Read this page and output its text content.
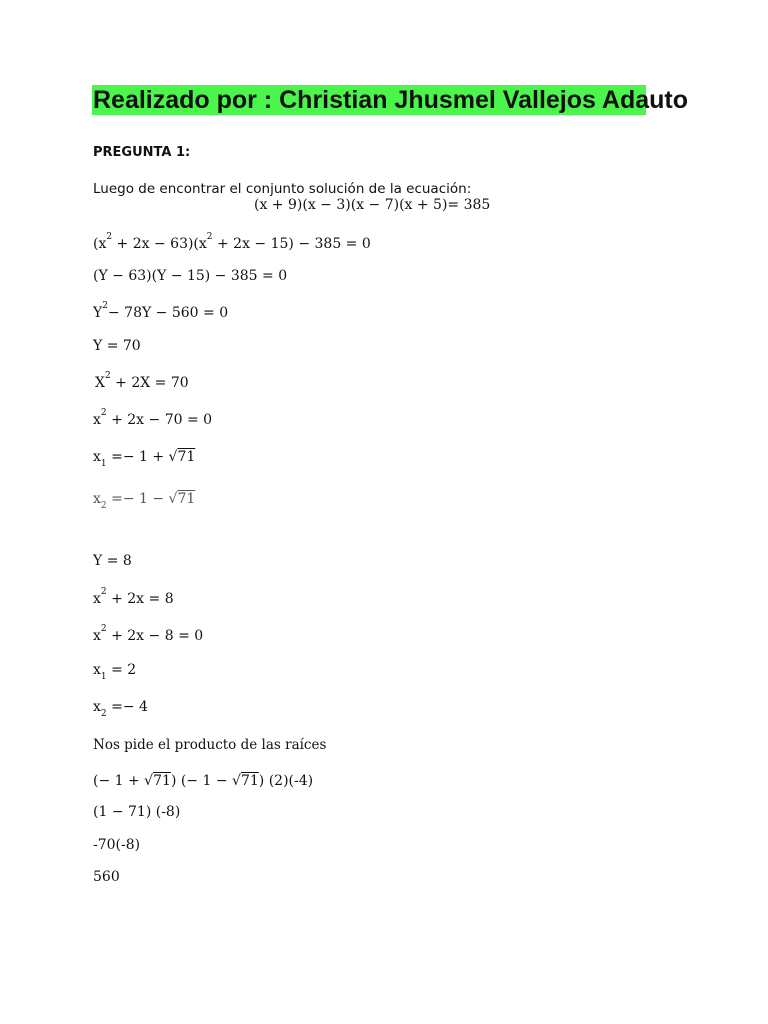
Realizado por : Christian Jhusmel Vallejos Adauto
PREGUNTA 1:
Luego de encontrar el conjunto solución de la ecuación:
(x + 9)(x − 3)(x − 7)(x + 5)= 385
$(x^2 + 2x - 63)(x^2 + 2x - 15) - 385 = 0$
(Y − 63)(Y − 15) − 385 = 0
$Y^2- 78Y - 560 = 0$
Y = 70
$X^2 + 2X = 70$
$x^2 + 2x - 70 = 0$
$x_1 =- 1 + √71$
$x_2 =- 1 - √71$
Y = 8
$x^2 + 2x = 8$
$x^2 + 2x - 8 = 0$
$x_1 = 2$
$x_2 =- 4$
Nos pide el producto de las raíces
(− 1 + √71) (− 1 − √71) (2)(-4)
(1 − 71) (-8)
-70(-8)
560
